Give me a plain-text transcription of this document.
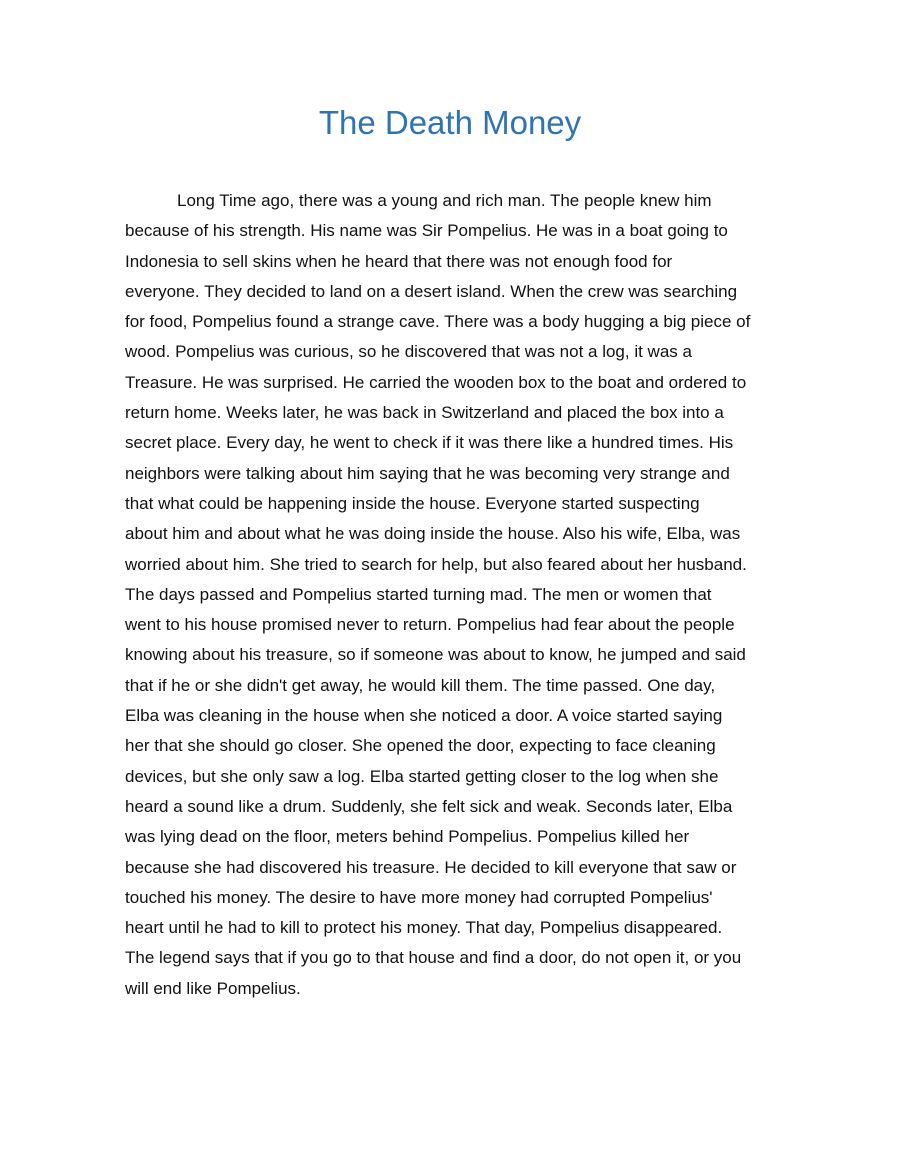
The Death Money
Long Time ago, there was a young and rich man. The people knew him
because of his strength. His name was Sir Pompelius. He was in a boat going to
Indonesia to sell skins when he heard that there was not enough food for
everyone. They decided to land on a desert island. When the crew was searching
for food, Pompelius found a strange cave. There was a body hugging a big piece of
wood. Pompelius was curious, so he discovered that was not a log, it was a
Treasure. He was surprised. He carried the wooden box to the boat and ordered to
return home. Weeks later, he was back in Switzerland and placed the box into a
secret place. Every day, he went to check if it was there like a hundred times. His
neighbors were talking about him saying that he was becoming very strange and
that what could be happening inside the house. Everyone started suspecting
about him and about what he was doing inside the house. Also his wife, Elba, was
worried about him. She tried to search for help, but also feared about her husband.
The days passed and Pompelius started turning mad. The men or women that
went to his house promised never to return. Pompelius had fear about the people
knowing about his treasure, so if someone was about to know, he jumped and said
that if he or she didn't get away, he would kill them. The time passed. One day,
Elba was cleaning in the house when she noticed a door. A voice started saying
her that she should go closer. She opened the door, expecting to face cleaning
devices, but she only saw a log. Elba started getting closer to the log when she
heard a sound like a drum. Suddenly, she felt sick and weak. Seconds later, Elba
was lying dead on the floor, meters behind Pompelius. Pompelius killed her
because she had discovered his treasure. He decided to kill everyone that saw or
touched his money. The desire to have more money had corrupted Pompelius'
heart until he had to kill to protect his money. That day, Pompelius disappeared.
The legend says that if you go to that house and find a door, do not open it, or you
will end like Pompelius.
